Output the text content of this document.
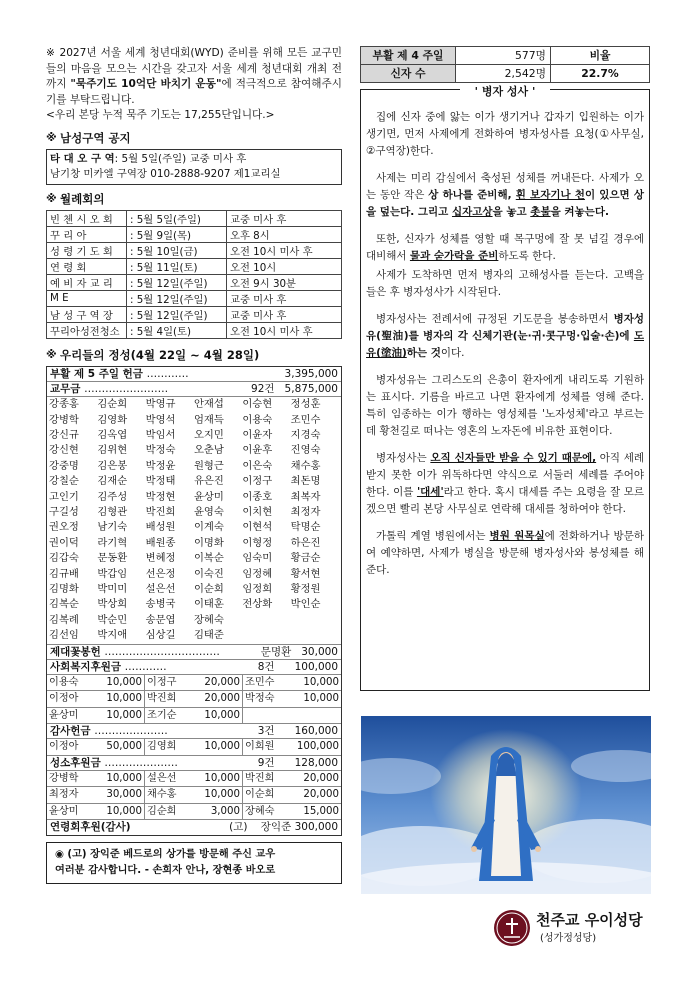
※ 2027년 서울 세계 청년대회(WYD) 준비를 위해 모든 교구민들의 마음을 모으는 시간을 갖고자 서울 세계 청년대회 개최 전까지 "묵주기도 10억단 바치기 운동"에 적극적으로 참여해주시기를 부탁드립니다.
<우리 본당 누적 묵주 기도는 17,255단입니다.>
※ 남성구역 공지
타 대 오 구 역: 5월 5일(주일) 교중 미사 후
남기창 미카엘 구역장 010-2888-9207 제1교리실
※ 월례회의
빈 첸 시 오 회	: 5월 5일(주일)	교중 미사 후
꾸 리 아	: 5월 9일(목)	오후 8시
성 령 기 도 회	: 5월 10일(금)	오전 10시 미사 후
연 령 회	: 5월 11일(토)	오전 10시
예 비 자 교 리	: 5월 12일(주일)	오전 9시 30분
M E	: 5월 12일(주일)	교중 미사 후
남 성 구 역 장	: 5월 12일(주일)	교중 미사 후
꾸리아성전청소	: 5월 4일(토)	오전 10시 미사 후
※ 우리들의 정성(4월 22일 ~ 4월 28일)
부활 제 5 주일 헌금 …………	3,395,000
교무금 ……………………	92건 5,875,000
강종홍	김순희	박영규	안재섭	이승현	정성훈
강병학	김영화	박영석	엄재득	이용숙	조민수
강신규	김옥엽	박임서	오지민	이윤자	지경숙
강신현	김위현	박정숙	오춘남	이윤후	진영숙
강중명	김은봉	박정윤	원형근	이은숙	채수홍
강칠순	김재순	박정태	유은진	이정구	최돈명
고인기	김주성	박정현	윤상미	이종호	최복자
구길성	김형관	박진희	윤영숙	이치현	최정자
권오정	남기숙	배성원	이계숙	이현석	탁명순
권이덕	라기혁	배원종	이명화	이형정	하은진
김갑숙	문동환	변혜정	이복순	임숙미	황금순
김규배	박갑임	선은정	이숙진	임정혜	황서현
김명화	박미미	설은선	이순희	임정희	황정원
김복순	박상희	송병국	이태훈	전상화	박인순
김복례	박순민	송문엽	장혜숙
김선임	박지애	심상길	김태준
제대꽃봉헌 ……………………………	문명환 30,000
사회복지후원금 …………	8건 100,000
이용숙	10,000 이정구	20,000 조민수	10,000
이정아	10,000 박진희	20,000 박정숙	10,000
윤상미	10,000 조기순	10,000
감사헌금 …………………	3건 160,000
이정아	50,000 김영희	10,000 이희원 100,000
성소후원금 …………………	9건 128,000
강병학	10,000 설은선	10,000 박진희	20,000
최정자	30,000 채수홍	10,000 이순희	20,000
윤상미	10,000 김순희	3,000 장혜숙	15,000
연령회후원(감사)	(고) 장익준 300,000
◉ (고) 장익준 베드로의 상가를 방문해 주신 교우
여러분 감사합니다. - 손희자 안나, 장현종 바오로
부활 제 4 주일	577명	비율
신자 수	2,542명	22.7%
' 병자 성사 '

집에 신자 중에 앓는 이가 생기거나 갑자기 입원하는 이가 생기면, 먼저 사제에게 전화하여 병자성사를 요청(①사무실, ②구역장)한다.

사제는 미리 감실에서 축성된 성체를 꺼내든다. 사제가 오는 동안 작은 상 하나를 준비해, 흰 보자기나 천이 있으면 상을 덮는다. 그리고 십자고상을 놓고 촛불을 켜놓는다.

또한, 신자가 성체를 영할 때 목구멍에 잘 못 넘길 경우에 대비해서 물과 숟가락을 준비하도록 한다.

사제가 도착하면 먼저 병자의 고해성사를 듣는다. 고백을 들은 후 병자성사가 시작된다.

병자성사는 전례서에 규정된 기도문을 봉송하면서 병자성유(聖油)를 병자의 각 신체기관(눈·귀·콧구멍·입술·손)에 도유(塗油)하는 것이다.

병자성유는 그리스도의 은총이 환자에게 내리도록 기원하는 표시다. 기름을 바르고 나면 환자에게 성체를 영해 준다. 특히 임종하는 이가 행하는 영성체를 '노자성체'라고 부르는데 황천길로 떠나는 영혼의 노자돈에 비유한 표현이다.

병자성사는 오직 신자들만 받을 수 있기 때문에, 아직 세례받지 못한 이가 위독하다면 약식으로 서둘러 세례를 주어야 한다. 이를 '대세'라고 한다. 혹시 대세를 주는 요령을 잘 모르겠으면 빨리 본당 사무실로 연락해 대세를 청하여야 한다.

가톨릭 계열 병원에서는 병원 원목실에 전화하거나 방문하여 예약하면, 사제가 병실을 방문해 병자성사와 봉성체를 해준다.

천주교 우이성당
(성가정성당)
